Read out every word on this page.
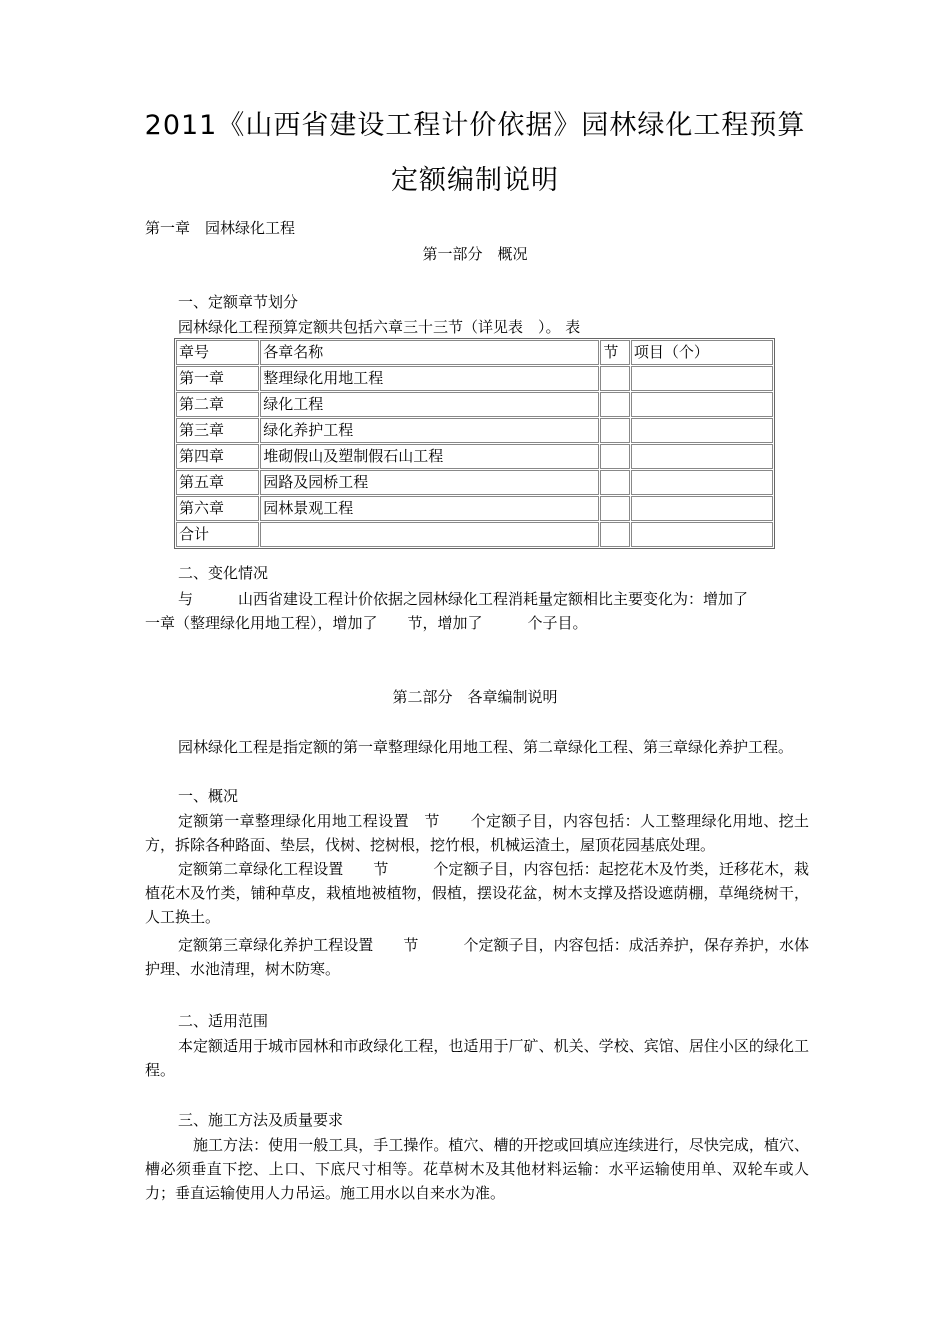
2011《山西省建设工程计价依据》园林绿化工程预算
定额编制说明
第一章　园林绿化工程
第一部分　概况
一、定额章节划分
园林绿化工程预算定额共包括六章三十三节（详见表　）。 表
章号	各章名称	节	项目（个）
第一章	整理绿化用地工程		
第二章	绿化工程		
第三章	绿化养护工程		
第四章	堆砌假山及塑制假石山工程		
第五章	园路及园桥工程		
第六章	园林景观工程		
合计			
二、变化情况
与　　　山西省建设工程计价依据之园林绿化工程消耗量定额相比主要变化为：增加了
一章（整理绿化用地工程），增加了　　节，增加了　　　个子目。
第二部分　各章编制说明
园林绿化工程是指定额的第一章整理绿化用地工程、第二章绿化工程、第三章绿化养护工程。
一、概况
定额第一章整理绿化用地工程设置　节　　个定额子目，内容包括：人工整理绿化用地、挖土方，拆除各种路面、垫层，伐树、挖树根，挖竹根，机械运渣土，屋顶花园基底处理。
定额第二章绿化工程设置　　节　　　个定额子目，内容包括：起挖花木及竹类，迁移花木，栽植花木及竹类，铺种草皮，栽植地被植物，假植，摆设花盆，树木支撑及搭设遮荫棚，草绳绕树干，人工换土。
定额第三章绿化养护工程设置　　节　　　个定额子目，内容包括：成活养护，保存养护，水体护理、水池清理，树木防寒。
二、适用范围
本定额适用于城市园林和市政绿化工程，也适用于厂矿、机关、学校、宾馆、居住小区的绿化工程。
三、施工方法及质量要求
施工方法：使用一般工具，手工操作。植穴、槽的开挖或回填应连续进行，尽快完成，植穴、槽必须垂直下挖、上口、下底尺寸相等。花草树木及其他材料运输：水平运输使用单、双轮车或人力；垂直运输使用人力吊运。施工用水以自来水为准。
